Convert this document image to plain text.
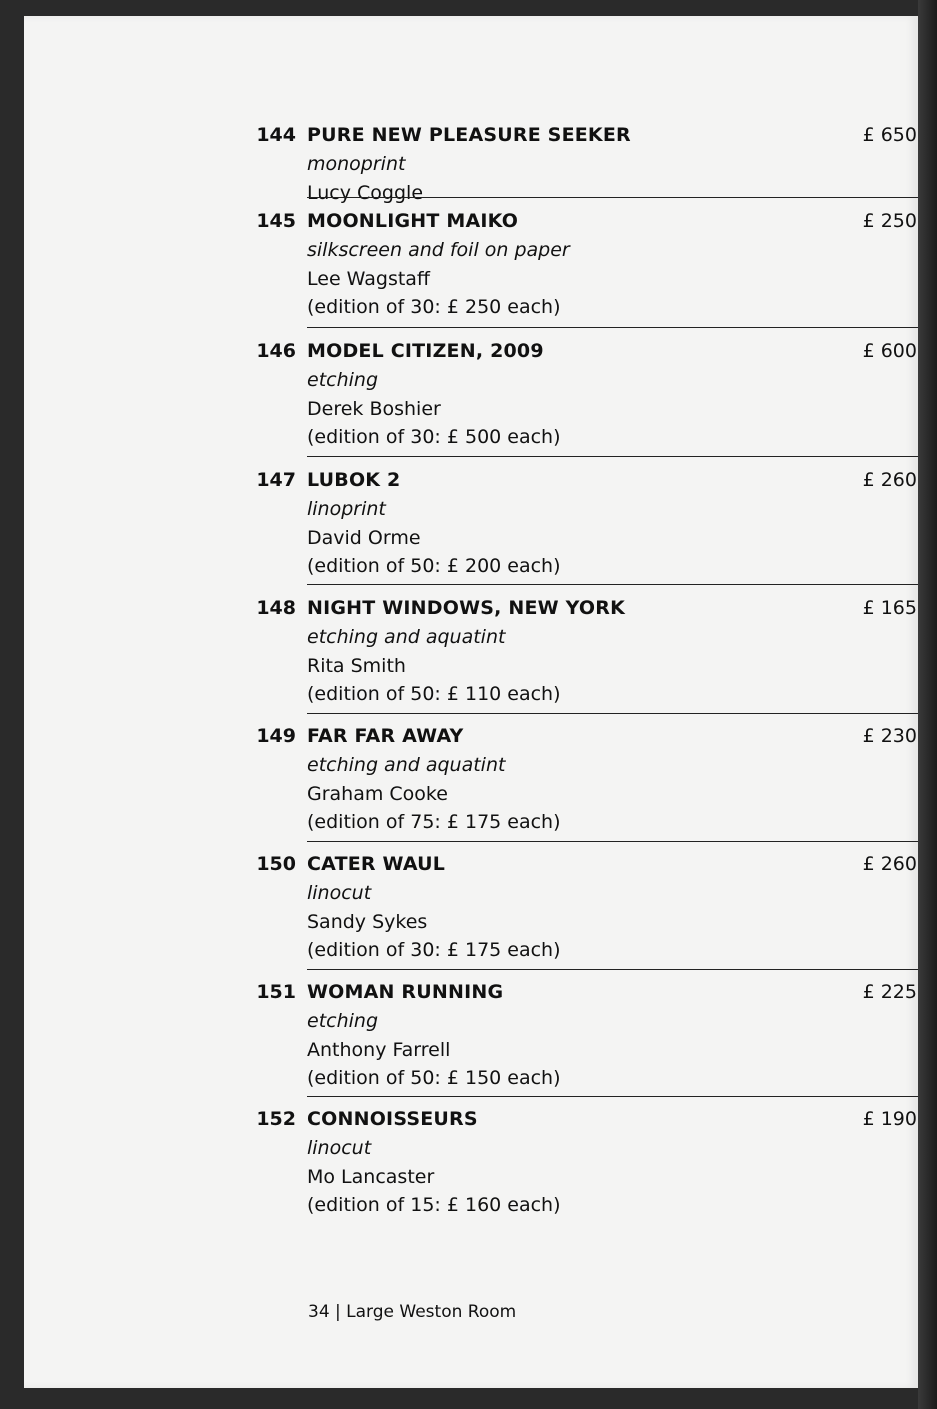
144 PURE NEW PLEASURE SEEKER	£ 650
monoprint
Lucy Coggle
145 MOONLIGHT MAIKO	£ 250
silkscreen and foil on paper
Lee Wagstaff
(edition of 30: £ 250 each)
146 MODEL CITIZEN, 2009	£ 600
etching
Derek Boshier
(edition of 30: £ 500 each)
147 LUBOK 2	£ 260
linoprint
David Orme
(edition of 50: £ 200 each)
148 NIGHT WINDOWS, NEW YORK	£ 165
etching and aquatint
Rita Smith
(edition of 50: £ 110 each)
149 FAR FAR AWAY	£ 230
etching and aquatint
Graham Cooke
(edition of 75: £ 175 each)
150 CATER WAUL	£ 260
linocut
Sandy Sykes
(edition of 30: £ 175 each)
151 WOMAN RUNNING	£ 225
etching
Anthony Farrell
(edition of 50: £ 150 each)
152 CONNOISSEURS	£ 190
linocut
Mo Lancaster
(edition of 15: £ 160 each)
34 | Large Weston Room
